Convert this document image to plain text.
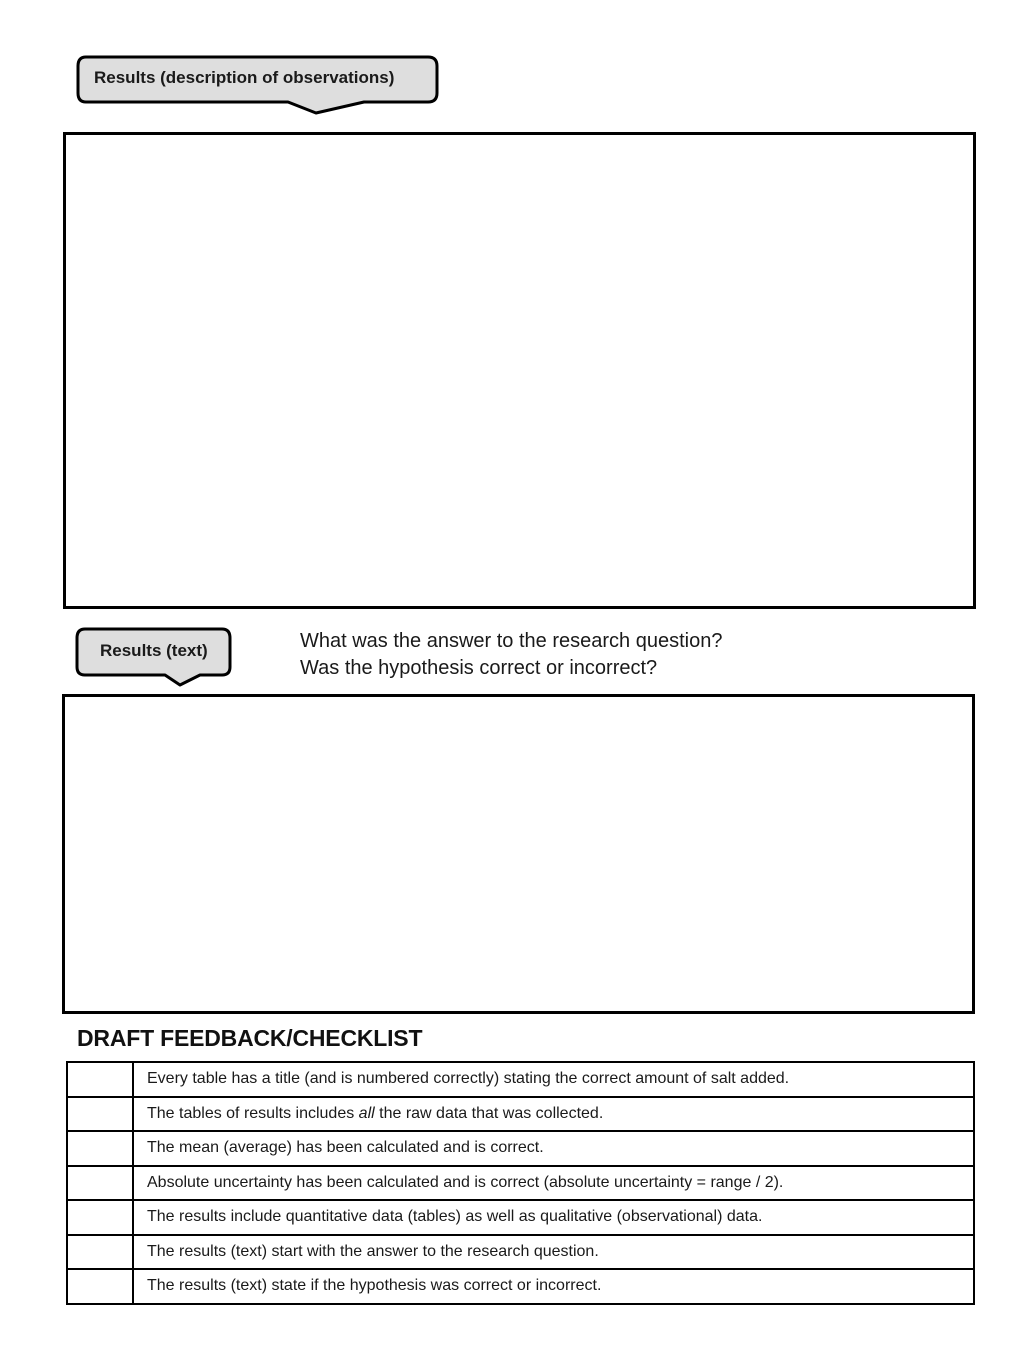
Results (description of observations)
Results (text)	What was the answer to the research question?
Was the hypothesis correct or incorrect?
DRAFT FEEDBACK/CHECKLIST
	Every table has a title (and is numbered correctly) stating the correct amount of salt added.
	The tables of results includes all the raw data that was collected.
	The mean (average) has been calculated and is correct.
	Absolute uncertainty has been calculated and is correct (absolute uncertainty = range / 2).
	The results include quantitative data (tables) as well as qualitative (observational) data.
	The results (text) start with the answer to the research question.
	The results (text) state if the hypothesis was correct or incorrect.
